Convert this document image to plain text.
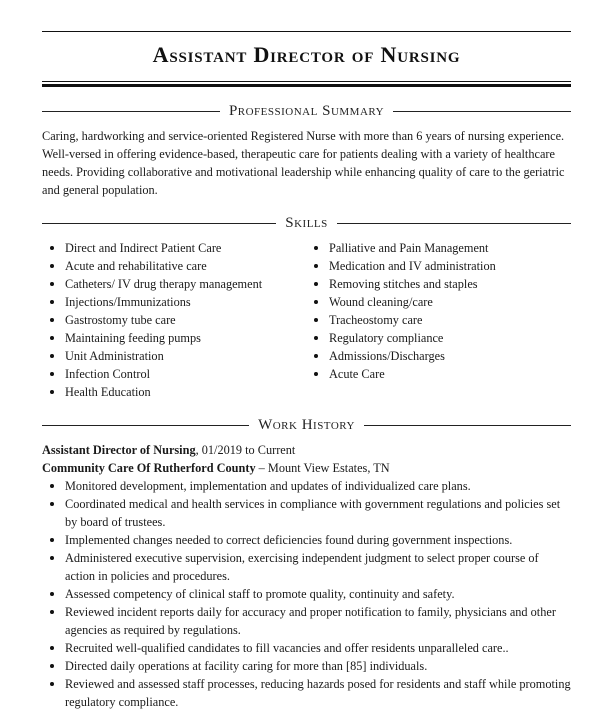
Assistant Director of Nursing
Professional Summary
Caring, hardworking and service-oriented Registered Nurse with more than 6 years of nursing experience. Well-versed in offering evidence-based, therapeutic care for patients dealing with a variety of healthcare needs. Providing collaborative and motivational leadership while enhancing quality of care to the geriatric and general population.
Skills
Direct and Indirect Patient Care
Acute and rehabilitative care
Catheters/ IV drug therapy management
Injections/Immunizations
Gastrostomy tube care
Maintaining feeding pumps
Unit Administration
Infection Control
Health Education
Palliative and Pain Management
Medication and IV administration
Removing stitches and staples
Wound cleaning/care
Tracheostomy care
Regulatory compliance
Admissions/Discharges
Acute Care
Work History
Assistant Director of Nursing, 01/2019 to Current
Community Care Of Rutherford County – Mount View Estates, TN
Monitored development, implementation and updates of individualized care plans.
Coordinated medical and health services in compliance with government regulations and policies set by board of trustees.
Implemented changes needed to correct deficiencies found during government inspections.
Administered executive supervision, exercising independent judgment to select proper course of action in policies and procedures.
Assessed competency of clinical staff to promote quality, continuity and safety.
Reviewed incident reports daily for accuracy and proper notification to family, physicians and other agencies as required by regulations.
Recruited well-qualified candidates to fill vacancies and offer residents unparalleled care..
Directed daily operations at facility caring for more than [85] individuals.
Reviewed and assessed staff processes, reducing hazards posed for residents and staff while promoting regulatory compliance.
